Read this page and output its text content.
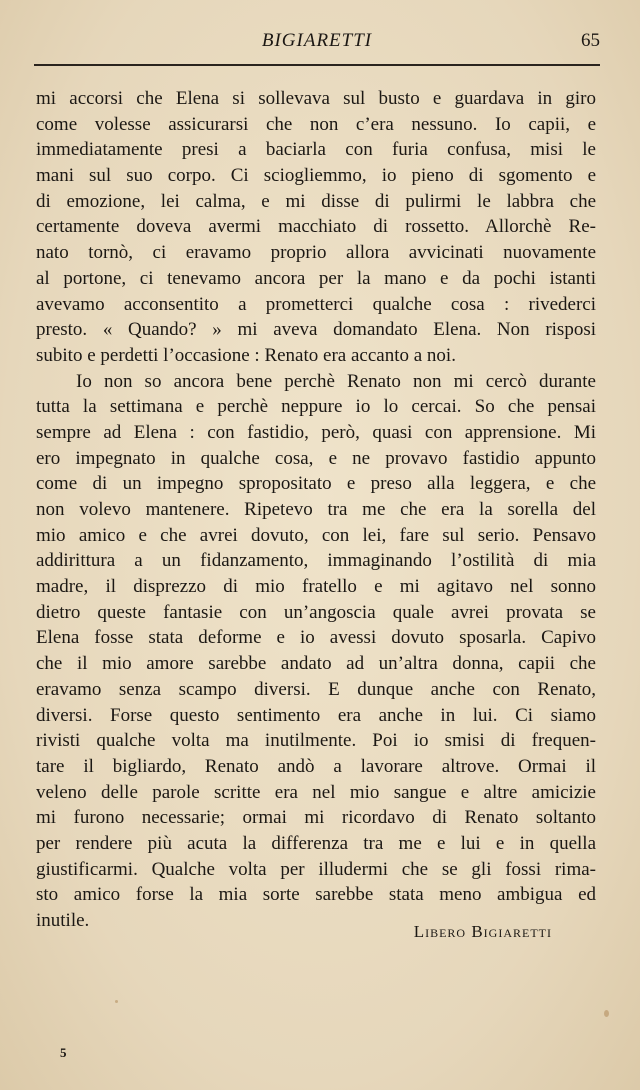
BIGIARETTI	65
mi accorsi che Elena si sollevava sul busto e guardava in giro
come volesse assicurarsi che non c’era nessuno. Io capii, e
immediatamente presi a baciarla con furia confusa, misi le
mani sul suo corpo. Ci sciogliemmo, io pieno di sgomento e
di emozione, lei calma, e mi disse di pulirmi le labbra che
certamente doveva avermi macchiato di rossetto. Allorchè Re-
nato tornò, ci eravamo proprio allora avvicinati nuovamente
al portone, ci tenevamo ancora per la mano e da pochi istanti
avevamo acconsentito a prometterci qualche cosa : rivederci
presto. « Quando? » mi aveva domandato Elena. Non risposi
subito e perdetti l’occasione : Renato era accanto a noi.
Io non so ancora bene perchè Renato non mi cercò durante
tutta la settimana e perchè neppure io lo cercai. So che pensai
sempre ad Elena : con fastidio, però, quasi con apprensione. Mi
ero impegnato in qualche cosa, e ne provavo fastidio appunto
come di un impegno spropositato e preso alla leggera, e che
non volevo mantenere. Ripetevo tra me che era la sorella del
mio amico e che avrei dovuto, con lei, fare sul serio. Pensavo
addirittura a un fidanzamento, immaginando l’ostilità di mia
madre, il disprezzo di mio fratello e mi agitavo nel sonno
dietro queste fantasie con un’angoscia quale avrei provata se
Elena fosse stata deforme e io avessi dovuto sposarla. Capivo
che il mio amore sarebbe andato ad un’altra donna, capii che
eravamo senza scampo diversi. E dunque anche con Renato,
diversi. Forse questo sentimento era anche in lui. Ci siamo
rivisti qualche volta ma inutilmente. Poi io smisi di frequen-
tare il bigliardo, Renato andò a lavorare altrove. Ormai il
veleno delle parole scritte era nel mio sangue e altre amicizie
mi furono necessarie; ormai mi ricordavo di Renato soltanto
per rendere più acuta la differenza tra me e lui e in quella
giustificarmi. Qualche volta per illudermi che se gli fossi rima-
sto amico forse la mia sorte sarebbe stata meno ambigua ed
inutile.
Libero Bigiaretti
5
